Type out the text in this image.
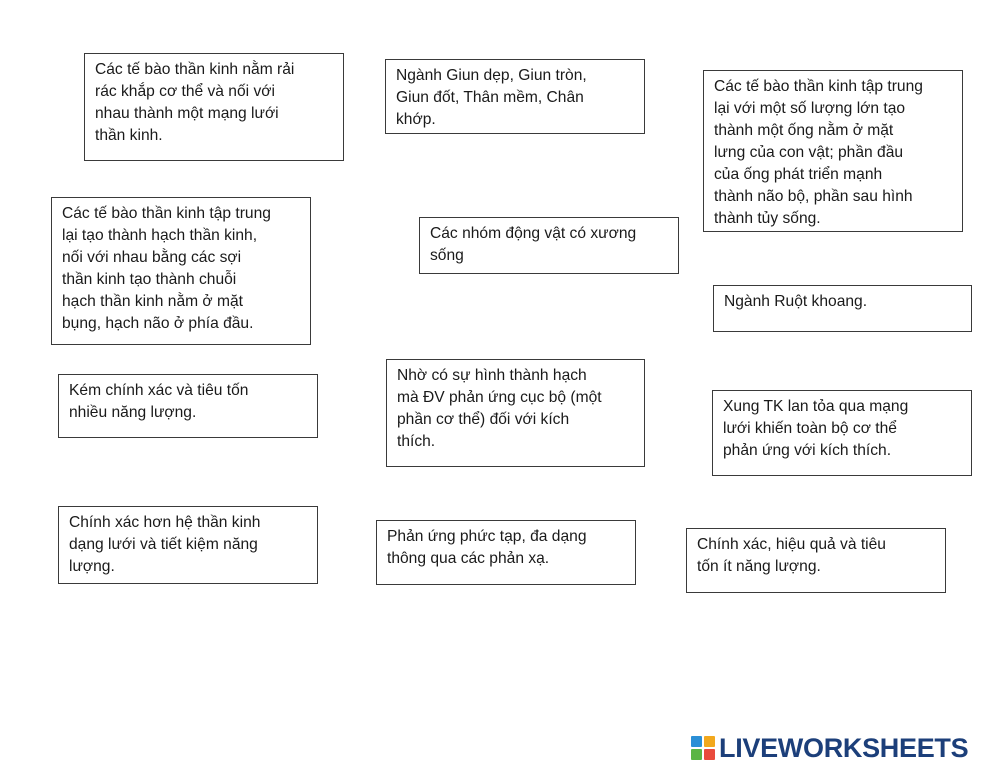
Các tế bào thần kinh nằm rải
rác khắp cơ thể và nối với
nhau thành một mạng lưới
thần kinh.
Ngành Giun dẹp, Giun tròn,
Giun đốt, Thân mềm, Chân
khớp.
Các tế bào thần kinh tập trung
lại với một số lượng lớn tạo
thành một ống nằm ở mặt
lưng của con vật; phần đầu
của ống phát triển mạnh
thành não bộ, phần sau hình
thành tủy sống.
Các tế bào thần kinh tập trung
lại tạo thành hạch thần kinh,
nối với nhau bằng các sợi
thần kinh tạo thành chuỗi
hạch thần kinh nằm ở mặt
bụng, hạch não ở phía đầu.
Các nhóm động vật có xương
sống
Ngành Ruột khoang.
Kém chính xác và tiêu tốn
nhiều năng lượng.
Nhờ có sự hình thành hạch
mà ĐV phản ứng cục bộ (một
phần cơ thể) đối với kích
thích.
Xung TK lan tỏa qua mạng
lưới khiến toàn bộ cơ thể
phản ứng với kích thích.
Chính xác hơn hệ thần kinh
dạng lưới và tiết kiệm năng
lượng.
Phản ứng phức tạp, đa dạng
thông qua các phản xạ.
Chính xác, hiệu quả và tiêu
tốn ít năng lượng.
LIVEWORKSHEETS
